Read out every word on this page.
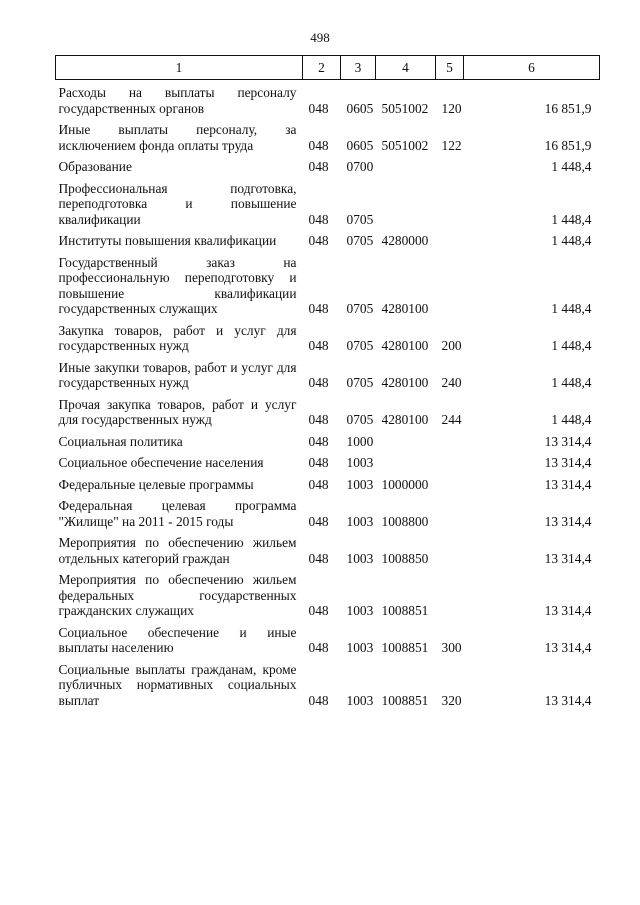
498
1	2	3	4	5	6
Расходы на выплаты персоналу государственных органов	048	0605	5051002	120	16 851,9
Иные выплаты персоналу, за исключением фонда оплаты труда	048	0605	5051002	122	16 851,9
Образование	048	0700			1 448,4
Профессиональная подготовка, переподготовка и повышение квалификации	048	0705			1 448,4
Институты повышения квалификации	048	0705	4280000		1 448,4
Государственный заказ на профессиональную переподготовку и повышение квалификации государственных служащих	048	0705	4280100		1 448,4
Закупка товаров, работ и услуг для государственных нужд	048	0705	4280100	200	1 448,4
Иные закупки товаров, работ и услуг для государственных нужд	048	0705	4280100	240	1 448,4
Прочая закупка товаров, работ и услуг для государственных нужд	048	0705	4280100	244	1 448,4
Социальная политика	048	1000			13 314,4
Социальное обеспечение населения	048	1003			13 314,4
Федеральные целевые программы	048	1003	1000000		13 314,4
Федеральная целевая программа "Жилище" на 2011 - 2015 годы	048	1003	1008800		13 314,4
Мероприятия по обеспечению жильем отдельных категорий граждан	048	1003	1008850		13 314,4
Мероприятия по обеспечению жильем федеральных государственных гражданских служащих	048	1003	1008851		13 314,4
Социальное обеспечение и иные выплаты населению	048	1003	1008851	300	13 314,4
Социальные выплаты гражданам, кроме публичных нормативных социальных выплат	048	1003	1008851	320	13 314,4
